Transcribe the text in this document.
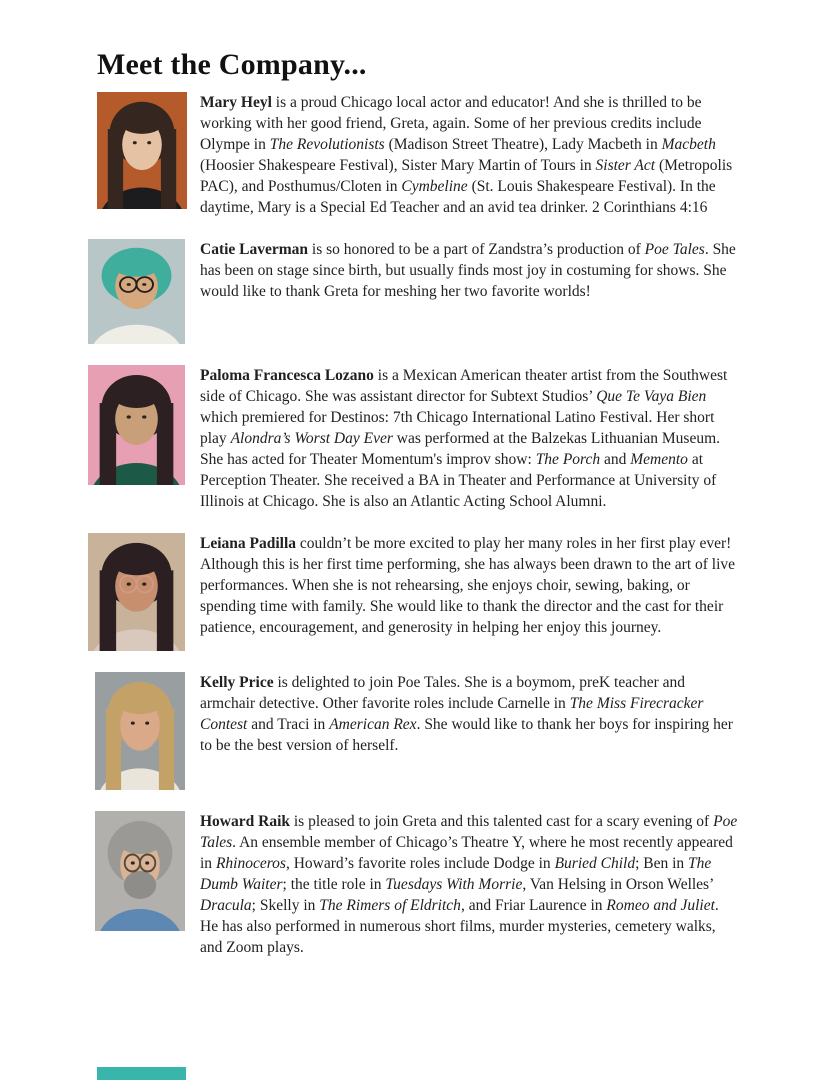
Meet the Company...

Mary Heyl is a proud Chicago local actor and educator! And she is thrilled to be working with her good friend, Greta, again. Some of her previous credits include Olympe in The Revolutionists (Madison Street Theatre), Lady Macbeth in Macbeth (Hoosier Shakespeare Festival), Sister Mary Martin of Tours in Sister Act (Metropolis PAC), and Posthumus/Cloten in Cymbeline (St. Louis Shakespeare Festival). In the daytime, Mary is a Special Ed Teacher and an avid tea drinker. 2 Corinthians 4:16

Catie Laverman is so honored to be a part of Zandstra’s production of Poe Tales. She has been on stage since birth, but usually finds most joy in costuming for shows. She would like to thank Greta for meshing her two favorite worlds!

Paloma Francesca Lozano is a Mexican American theater artist from the Southwest side of Chicago. She was assistant director for Subtext Studios’ Que Te Vaya Bien which premiered for Destinos: 7th Chicago International Latino Festival. Her short play Alondra’s Worst Day Ever was performed at the Balzekas Lithuanian Museum. She has acted for Theater Momentum's improv show: The Porch and Memento at Perception Theater. She received a BA in Theater and Performance at University of Illinois at Chicago. She is also an Atlantic Acting School Alumni.

Leiana Padilla couldn’t be more excited to play her many roles in her first play ever! Although this is her first time performing, she has always been drawn to the art of live performances. When she is not rehearsing, she enjoys choir, sewing, baking, or spending time with family. She would like to thank the director and the cast for their patience, encouragement, and generosity in helping her enjoy this journey.

Kelly Price is delighted to join Poe Tales. She is a boymom, preK teacher and armchair detective. Other favorite roles include Carnelle in The Miss Firecracker Contest and Traci in American Rex. She would like to thank her boys for inspiring her to be the best version of herself.

Howard Raik is pleased to join Greta and this talented cast for a scary evening of Poe Tales. An ensemble member of Chicago’s Theatre Y, where he most recently appeared in Rhinoceros, Howard’s favorite roles include Dodge in Buried Child; Ben in The Dumb Waiter; the title role in Tuesdays With Morrie, Van Helsing in Orson Welles’ Dracula; Skelly in The Rimers of Eldritch, and Friar Laurence in Romeo and Juliet. He has also performed in numerous short films, murder mysteries, cemetery walks, and Zoom plays.
